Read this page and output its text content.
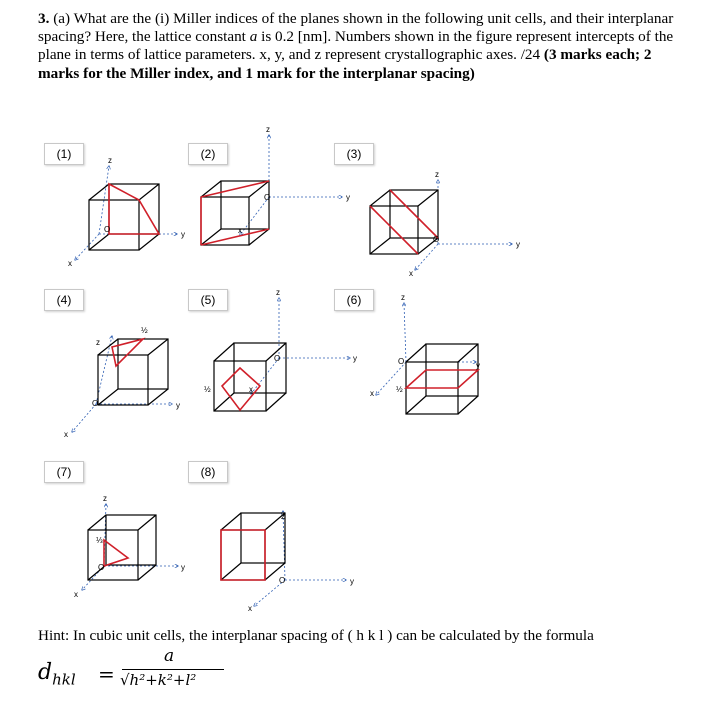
3. (a) What are the (i) Miller indices of the planes shown in the following unit cells, and their interplanar spacing? Here, the lattice constant a is 0.2 [nm]. Numbers shown in the figure represent intercepts of the plane in terms of lattice parameters. x, y, and z represent crystallographic axes. /24 (3 marks each; 2 marks for the Miller index, and 1 mark for the interplanar spacing)
(1)	(2)	(3)
(4)	(5)	(6)
(7)	(8)
O
y
z
x
O	y
z
x
O
y
z
x
O	y
z
x
½
O	y
z
x
½
O	y
z
x	½
O	y
z
x
⅓
O	y
z
x
Hint: In cubic unit cells, the interplanar spacing of ( h k l ) can be calculated by the formula
$d_{hkl}$ =
a
√h²+k²+l²
